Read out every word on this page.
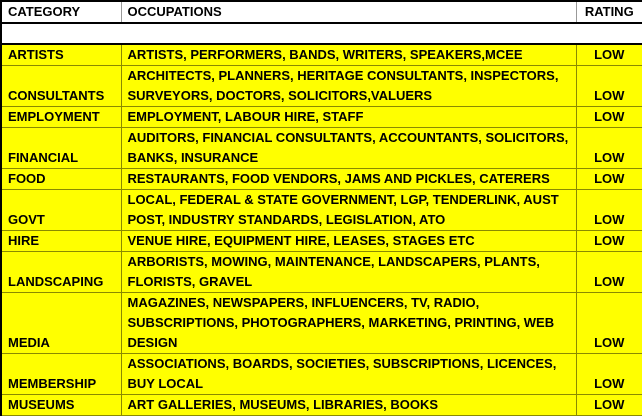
CATEGORY	OCCUPATIONS	RATING

ARTISTS	ARTISTS, PERFORMERS, BANDS, WRITERS, SPEAKERS,MCEE	LOW
CONSULTANTS	ARCHITECTS, PLANNERS, HERITAGE CONSULTANTS, INSPECTORS, SURVEYORS, DOCTORS, SOLICITORS,VALUERS	LOW
EMPLOYMENT	EMPLOYMENT, LABOUR HIRE, STAFF	LOW
FINANCIAL	AUDITORS, FINANCIAL CONSULTANTS, ACCOUNTANTS, SOLICITORS, BANKS, INSURANCE	LOW
FOOD	RESTAURANTS, FOOD VENDORS, JAMS AND PICKLES, CATERERS	LOW
GOVT	LOCAL, FEDERAL & STATE GOVERNMENT, LGP, TENDERLINK, AUST POST, INDUSTRY STANDARDS, LEGISLATION, ATO	LOW
HIRE	VENUE HIRE, EQUIPMENT HIRE, LEASES, STAGES ETC	LOW
LANDSCAPING	ARBORISTS, MOWING, MAINTENANCE, LANDSCAPERS, PLANTS, FLORISTS, GRAVEL	LOW
MEDIA	MAGAZINES, NEWSPAPERS, INFLUENCERS, TV, RADIO, SUBSCRIPTIONS, PHOTOGRAPHERS, MARKETING, PRINTING, WEB DESIGN	LOW
MEMBERSHIP	ASSOCIATIONS, BOARDS, SOCIETIES, SUBSCRIPTIONS, LICENCES, BUY LOCAL	LOW
MUSEUMS	ART GALLERIES, MUSEUMS, LIBRARIES, BOOKS	LOW
